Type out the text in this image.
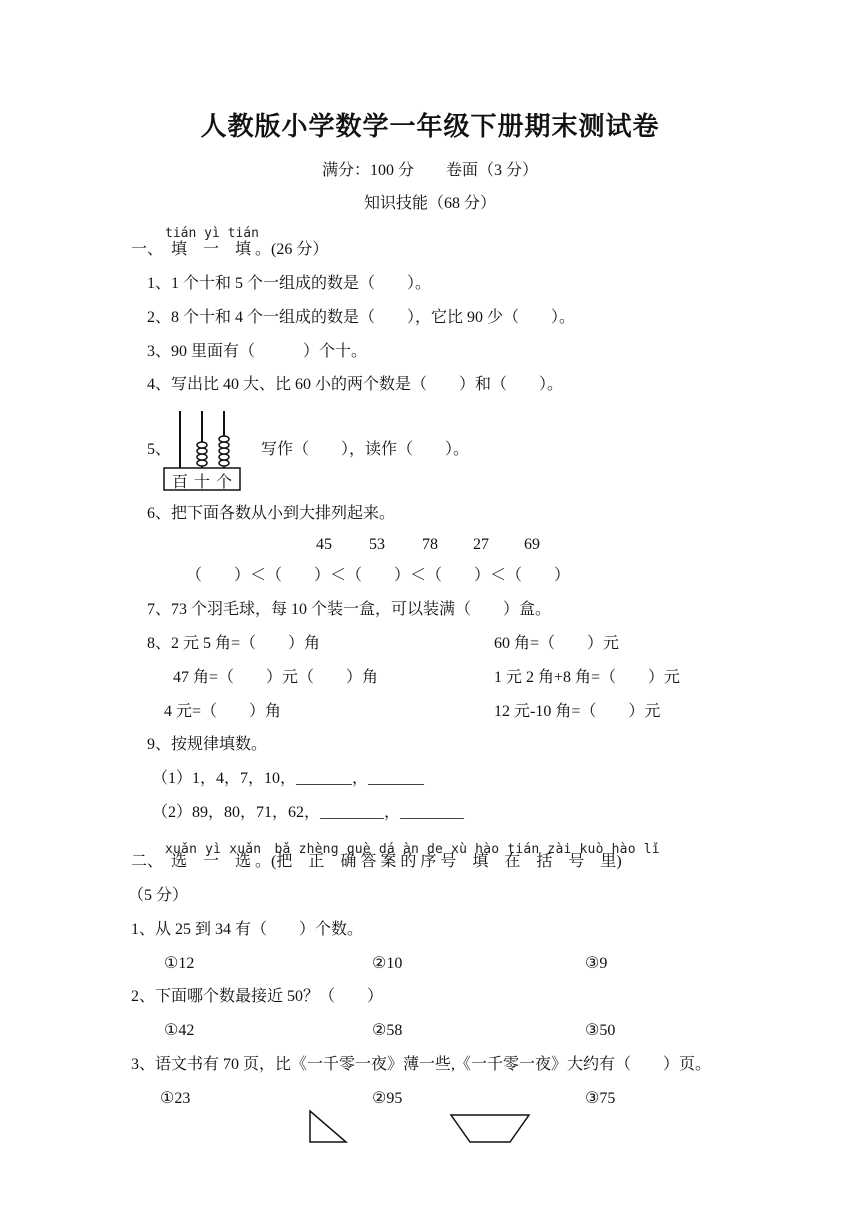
人教版小学数学一年级下册期末测试卷
满分：100 分　　卷面（3 分）
知识技能（68 分）
tián yì tián
一、　填　一　填 。(26 分）
1、1 个十和 5 个一组成的数是（　　）。
2、8 个十和 4 个一组成的数是（　　），它比 90 少（　　）。
3、90 里面有（　　　）个十。
4、写出比 40 大、比 60 小的两个数是（　　）和（　　）。
5、
百 十 个
写作（　　），读作（　　）。
6、把下面各数从小到大排列起来。
45 53 78 27 69
（　　）＜（　　）＜（　　）＜（　　）＜（　　）
7、73 个羽毛球，每 10 个装一盒，可以装满（　　）盒。
8、2 元 5 角=（　　）角	60 角=（　　）元
47 角=（　　）元（　　）角	1 元 2 角+8 角=（　　）元
4 元=（　　）角	12 元-10 角=（　　）元
9、按规律填数。
（1）1，4，7，10，_______，_______
（2）89，80，71，62，________，________
xuǎn yì xuǎn　bǎ zhèng què dá àn de xù hào tián zài kuò hào lǐ
二、　选　一　选 。(把　正　确 答 案 的 序 号　填　在　括　号　里)
（5 分）
1、从 25 到 34 有（　　）个数。
①12	②10	③9
2、下面哪个数最接近 50？（　　）
①42	②58	③50
3、语文书有 70 页，比《一千零一夜》薄一些,《一千零一夜》大约有（　　）页。
①23	②95	③75
